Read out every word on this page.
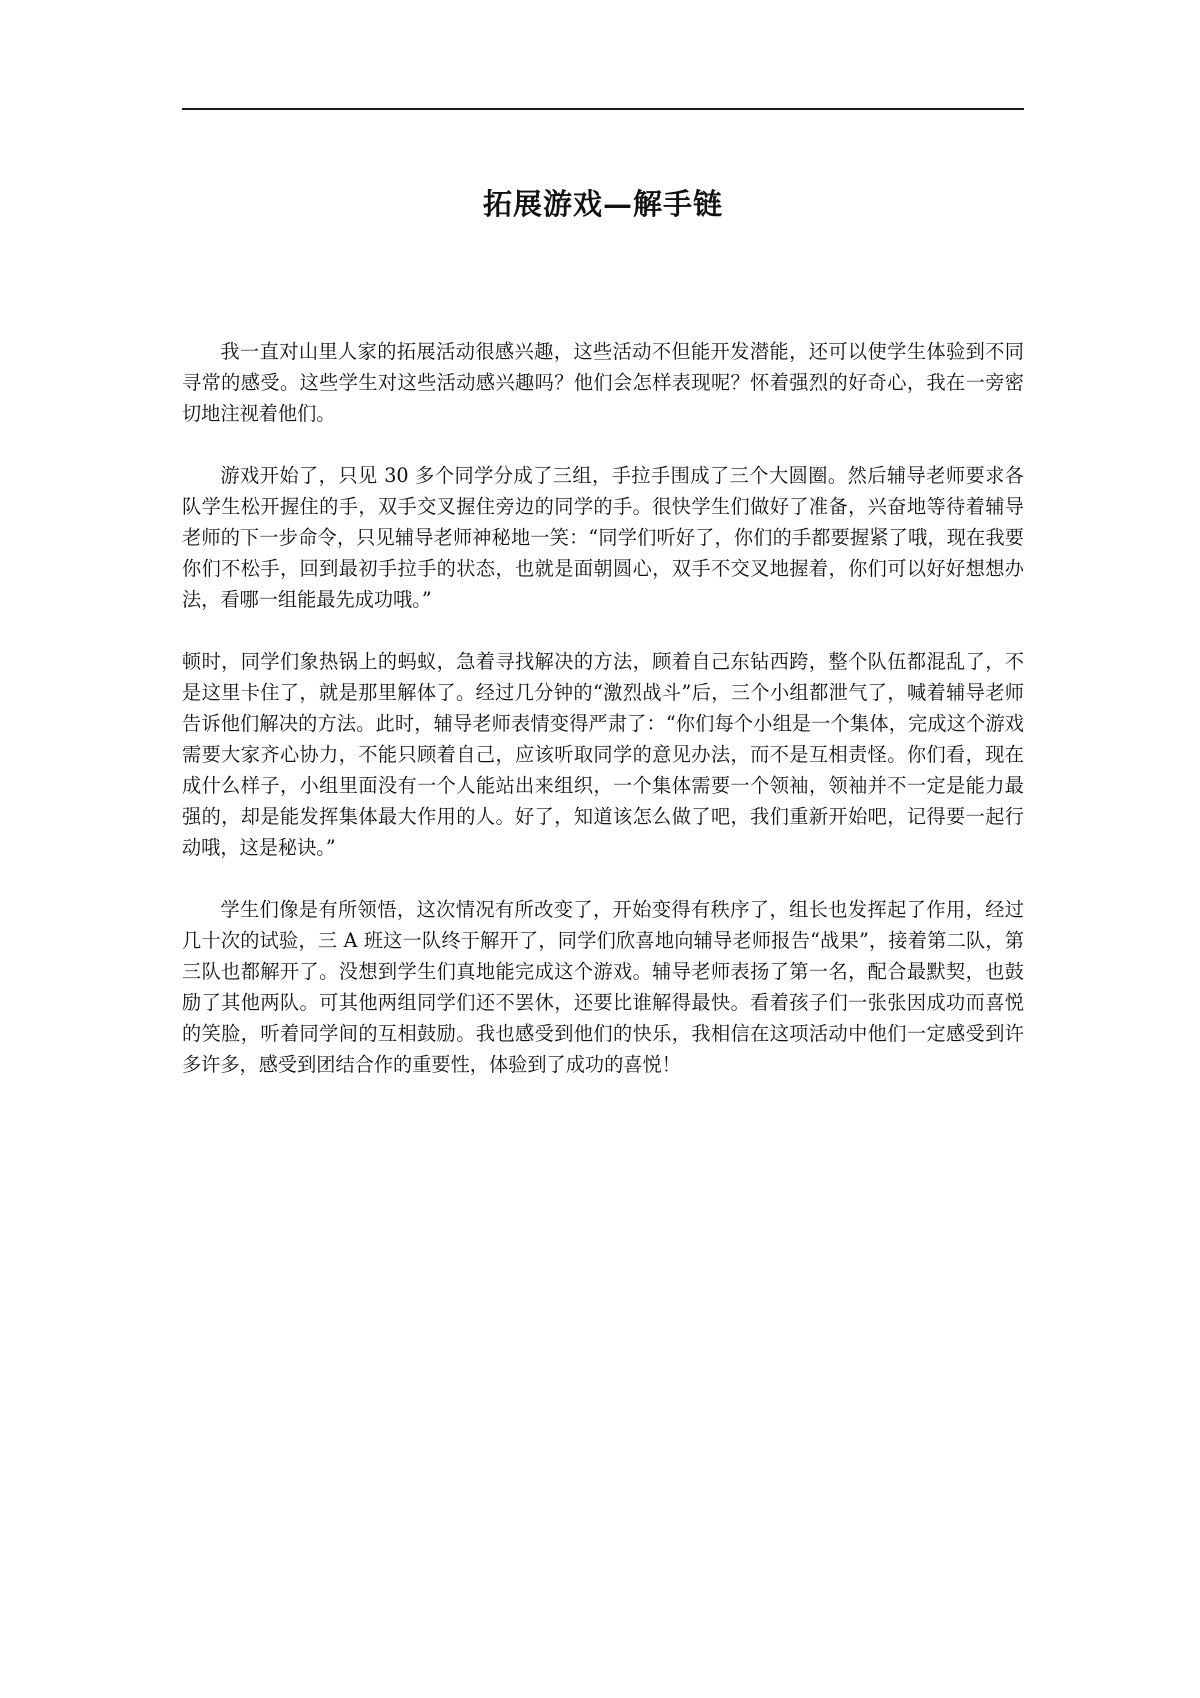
拓展游戏—解手链

我一直对山里人家的拓展活动很感兴趣，这些活动不但能开发潜能，还可以使学生体验到不同寻常的感受。这些学生对这些活动感兴趣吗？他们会怎样表现呢？怀着强烈的好奇心，我在一旁密切地注视着他们。

游戏开始了，只见 30 多个同学分成了三组，手拉手围成了三个大圆圈。然后辅导老师要求各队学生松开握住的手，双手交叉握住旁边的同学的手。很快学生们做好了准备，兴奋地等待着辅导老师的下一步命令，只见辅导老师神秘地一笑：“同学们听好了，你们的手都要握紧了哦，现在我要你们不松手，回到最初手拉手的状态，也就是面朝圆心，双手不交叉地握着，你们可以好好想想办法，看哪一组能最先成功哦。”

顿时，同学们象热锅上的蚂蚁，急着寻找解决的方法，顾着自己东钻西跨，整个队伍都混乱了，不是这里卡住了，就是那里解体了。经过几分钟的“激烈战斗”后，三个小组都泄气了，喊着辅导老师告诉他们解决的方法。此时，辅导老师表情变得严肃了：“你们每个小组是一个集体，完成这个游戏需要大家齐心协力，不能只顾着自己，应该听取同学的意见办法，而不是互相责怪。你们看，现在成什么样子，小组里面没有一个人能站出来组织，一个集体需要一个领袖，领袖并不一定是能力最强的，却是能发挥集体最大作用的人。好了，知道该怎么做了吧，我们重新开始吧，记得要一起行动哦，这是秘诀。”

学生们像是有所领悟，这次情况有所改变了，开始变得有秩序了，组长也发挥起了作用，经过几十次的试验，三 A 班这一队终于解开了，同学们欣喜地向辅导老师报告“战果”，接着第二队，第三队也都解开了。没想到学生们真地能完成这个游戏。辅导老师表扬了第一名，配合最默契，也鼓励了其他两队。可其他两组同学们还不罢休，还要比谁解得最快。看着孩子们一张张因成功而喜悦的笑脸，听着同学间的互相鼓励。我也感受到他们的快乐，我相信在这项活动中他们一定感受到许多许多，感受到团结合作的重要性，体验到了成功的喜悦！
